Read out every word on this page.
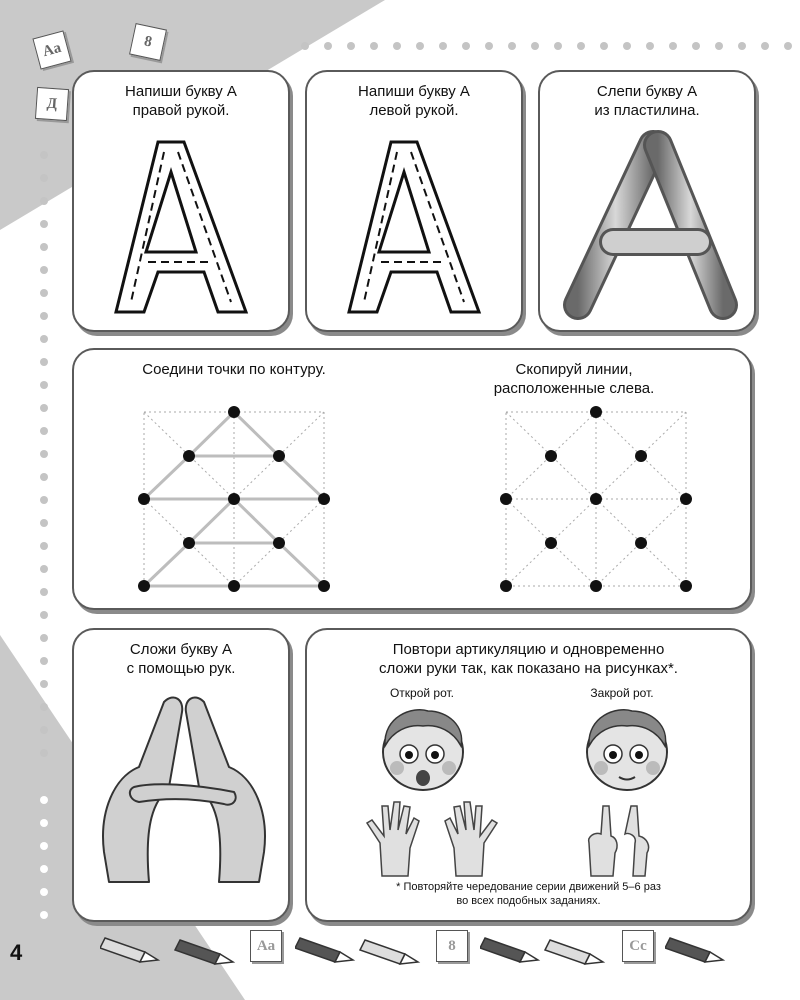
Aa	8
Д
Напиши букву А
правой рукой.
Напиши букву А
левой рукой.
Слепи букву А
из пластилина.
Соедини точки по контуру.	Скопируй линии,
расположенные слева.
Сложи букву А
с помощью рук.
Повтори артикуляцию и одновременно
сложи руки так, как показано на рисунках*.
Открой рот.	Закрой рот.
* Повторяйте чередование серии движений 5–6 раз
во всех подобных заданиях.
4	Aa	8	Cc
